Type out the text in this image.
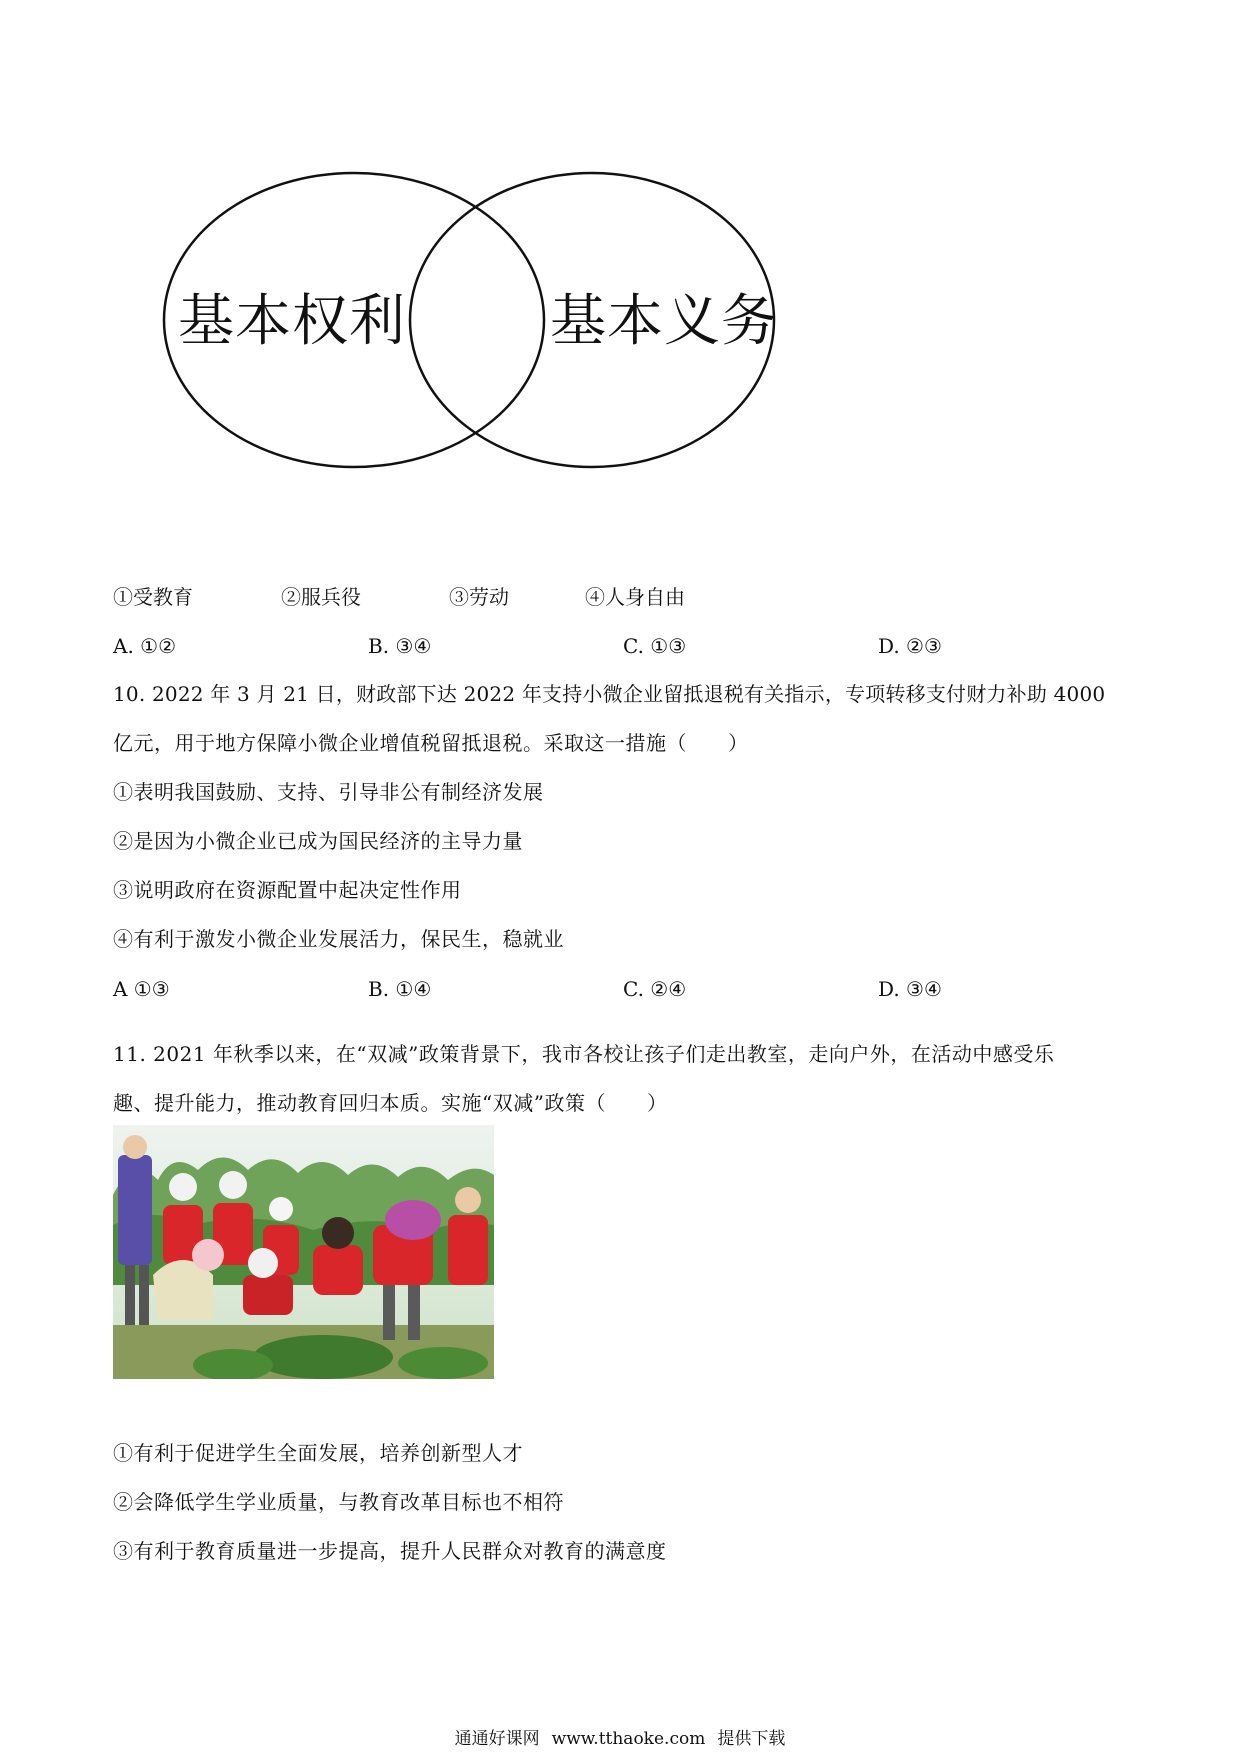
基本权利	基本义务
①受教育	②服兵役	③劳动	④人身自由
A. ①②	B. ③④	C. ①③	D. ②③
10. 2022 年 3 月 21 日，财政部下达 2022 年支持小微企业留抵退税有关指示，专项转移支付财力补助 4000
亿元，用于地方保障小微企业增值税留抵退税。采取这一措施（　　）
①表明我国鼓励、支持、引导非公有制经济发展
②是因为小微企业已成为国民经济的主导力量
③说明政府在资源配置中起决定性作用
④有利于激发小微企业发展活力，保民生，稳就业
A ①③	B. ①④	C. ②④	D. ③④
11. 2021 年秋季以来，在“双减”政策背景下，我市各校让孩子们走出教室，走向户外，在活动中感受乐
趣、提升能力，推动教育回归本质。实施“双减”政策（　　）
①有利于促进学生全面发展，培养创新型人才
②会降低学生学业质量，与教育改革目标也不相符
③有利于教育质量进一步提高，提升人民群众对教育的满意度
通通好课网 www.tthaoke.com 提供下载
